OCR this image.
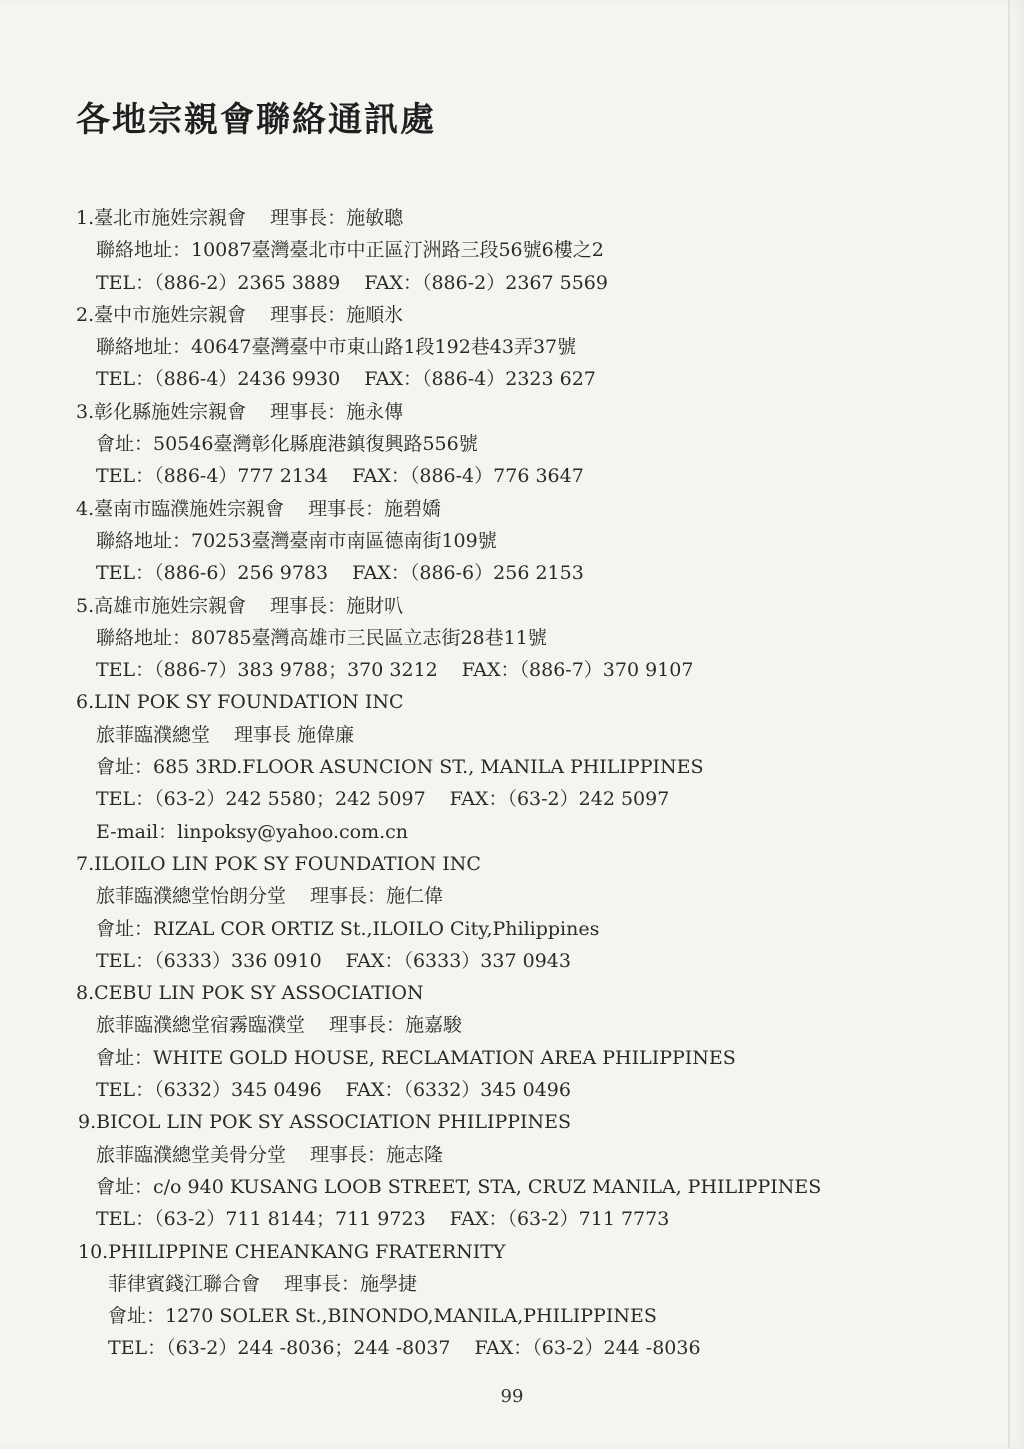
各地宗親會聯絡通訊處
1.臺北市施姓宗親會 理事長：施敏聰
聯絡地址：10087臺灣臺北市中正區汀洲路三段56號6樓之2
TEL：（886-2）2365 3889 FAX：（886-2）2367 5569
2.臺中市施姓宗親會 理事長：施順氷
聯絡地址：40647臺灣臺中市東山路1段192巷43弄37號
TEL：（886-4）2436 9930 FAX：（886-4）2323 627
3.彰化縣施姓宗親會 理事長：施永傳
會址：50546臺灣彰化縣鹿港鎮復興路556號
TEL：（886-4）777 2134 FAX：（886-4）776 3647
4.臺南市臨濮施姓宗親會 理事長：施碧嬌
聯絡地址：70253臺灣臺南市南區德南街109號
TEL：（886-6）256 9783 FAX：（886-6）256 2153
5.高雄市施姓宗親會 理事長：施財叭
聯絡地址：80785臺灣高雄市三民區立志街28巷11號
TEL：（886-7）383 9788；370 3212 FAX：（886-7）370 9107
6.LIN POK SY FOUNDATION INC
旅菲臨濮總堂 理事長 施偉廉
會址：685 3RD.FLOOR ASUNCION ST., MANILA PHILIPPINES
TEL：（63-2）242 5580；242 5097 FAX：（63-2）242 5097
E-mail：linpoksy@yahoo.com.cn
7.ILOILO LIN POK SY FOUNDATION INC
旅菲臨濮總堂怡朗分堂 理事長：施仁偉
會址：RIZAL COR ORTIZ St.,ILOILO City,Philippines
TEL：（6333）336 0910 FAX：（6333）337 0943
8.CEBU LIN POK SY ASSOCIATION
旅菲臨濮總堂宿霧臨濮堂 理事長：施嘉駿
會址：WHITE GOLD HOUSE, RECLAMATION AREA PHILIPPINES
TEL：（6332）345 0496 FAX：（6332）345 0496
9.BICOL LIN POK SY ASSOCIATION PHILIPPINES
旅菲臨濮總堂美骨分堂 理事長：施志隆
會址：c/o 940 KUSANG LOOB STREET, STA, CRUZ MANILA, PHILIPPINES
TEL：（63-2）711 8144；711 9723 FAX：（63-2）711 7773
10.PHILIPPINE CHEANKANG FRATERNITY
菲律賓錢江聯合會 理事長：施學捷
會址：1270 SOLER St.,BINONDO,MANILA,PHILIPPINES
TEL：（63-2）244 -8036；244 -8037 FAX：（63-2）244 -8036
99
